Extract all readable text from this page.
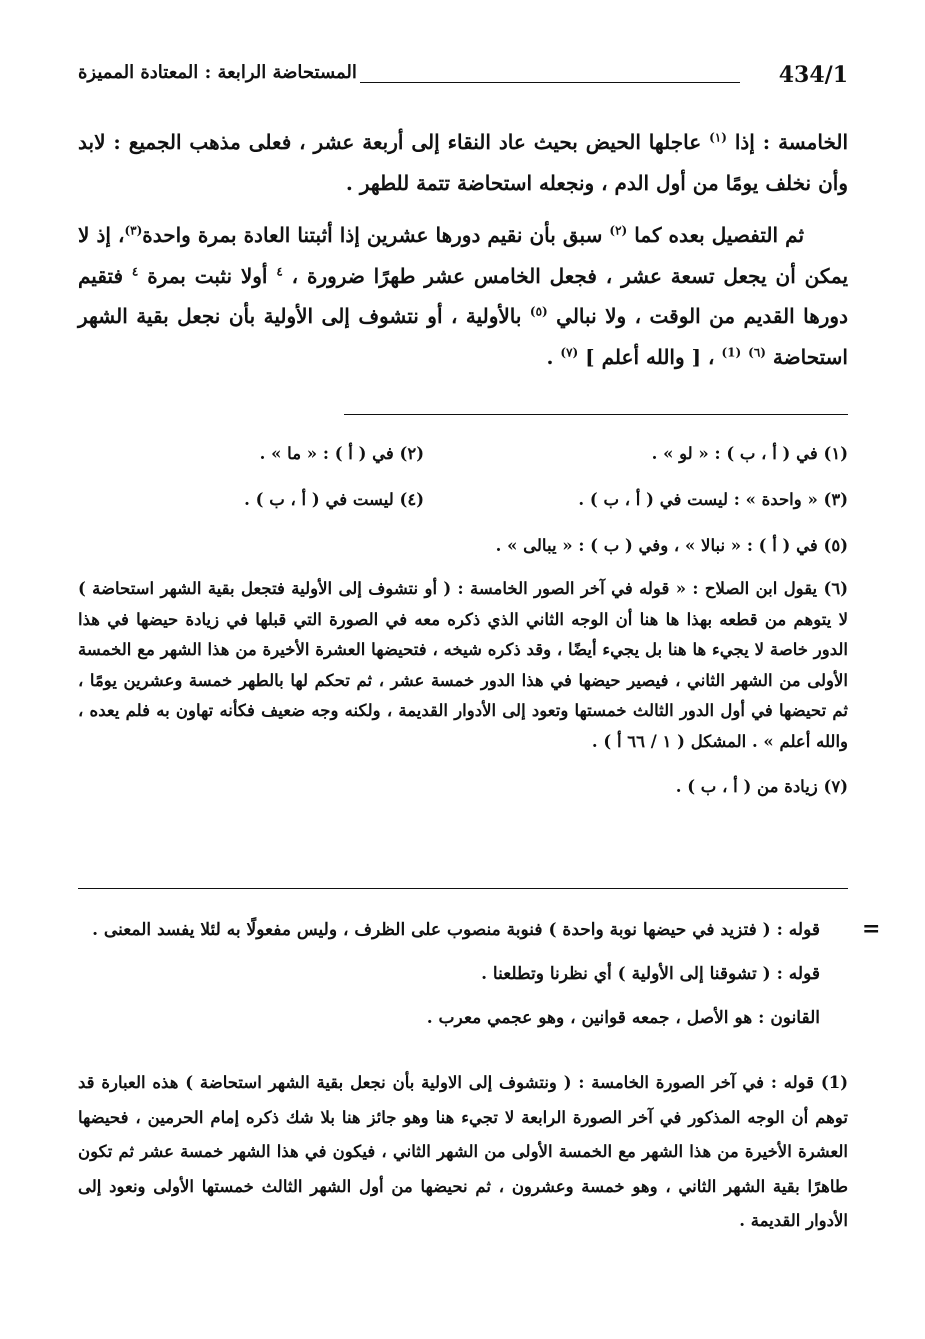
434/1
المستحاضة الرابعة : المعتادة المميزة

الخامسة : إذا $^{(١)}$ عاجلها الحيض بحيث عاد النقاء إلى أربعة عشر ، فعلى مذهب الجميع : لابد وأن نخلف يومًا من أول الدم ، ونجعله استحاضة تتمة للطهر .

ثم التفصيل بعده كما $^{(٢)}$ سبق بأن نقيم دورها عشرين إذا أثبتنا العادة بمرة واحدة$^{(٣)}$، إذ لا يمكن أن يجعل تسعة عشر ، فجعل الخامس عشر طهرًا ضرورة ، $^٤$ أولا نثبت بمرة $^٤$ فتقيم دورها القديم من الوقت ، ولا نبالي $^{(٥)}$ بالأولية ، أو نتشوف إلى الأولية بأن نجعل بقية الشهر استحاضة $^{(٦)}$ $^{(1)}$ ، [ والله أعلم ] $^{(٧)}$ .

(١) في ( أ ، ب ) : « لو » .
(٢) في ( أ ) : « ما » .
(٣) « واحدة » : ليست في ( أ ، ب ) .
(٤) ليست في ( أ ، ب ) .
(٥) في ( أ ) : « نبالا » ، وفي ( ب ) : « يبالى » .
(٦) يقول ابن الصلاح : « قوله في آخر الصور الخامسة : ( أو نتشوف إلى الأولية فتجعل بقية الشهر استحاضة ) لا يتوهم من قطعه بهذا ها هنا أن الوجه الثاني الذي ذكره معه في الصورة التي قبلها في زيادة حيضها في هذا الدور خاصة لا يجيء ها هنا بل يجيء أيضًا ، وقد ذكره شيخه ، فتحيضها العشرة الأخيرة من هذا الشهر مع الخمسة الأولى من الشهر الثاني ، فيصير حيضها في هذا الدور خمسة عشر ، ثم تحكم لها بالطهر خمسة وعشرين يومًا ، ثم تحيضها في أول الدور الثالث خمستها وتعود إلى الأدوار القديمة ، ولكنه وجه ضعيف فكأنه تهاون به فلم يعده ، والله أعلم » . المشكل ( ١ / ٦٦ أ ) .
(٧) زيادة من ( أ ، ب ) .
=

قوله : ( فتزيد في حيضها نوبة واحدة ) فنوبة منصوب على الظرف ، وليس مفعولًا به لئلا يفسد المعنى .

قوله : ( تشوقنا إلى الأولية ) أي نظرنا وتطلعنا .

القانون : هو الأصل ، جمعه قوانين ، وهو عجمي معرب .

(1) قوله : في آخر الصورة الخامسة : ( ونتشوف إلى الاولية بأن نجعل بقية الشهر استحاضة ) هذه العبارة قد توهم أن الوجه المذكور في آخر الصورة الرابعة لا تجيء هنا وهو جائز هنا بلا شك ذكره إمام الحرمين ، فحيضها العشرة الأخيرة من هذا الشهر مع الخمسة الأولى من الشهر الثاني ، فيكون في هذا الشهر خمسة عشر ثم تكون طاهرًا بقية الشهر الثاني ، وهو خمسة وعشرون ، ثم نحيضها من أول الشهر الثالث خمستها الأولى ونعود إلى الأدوار القديمة .
